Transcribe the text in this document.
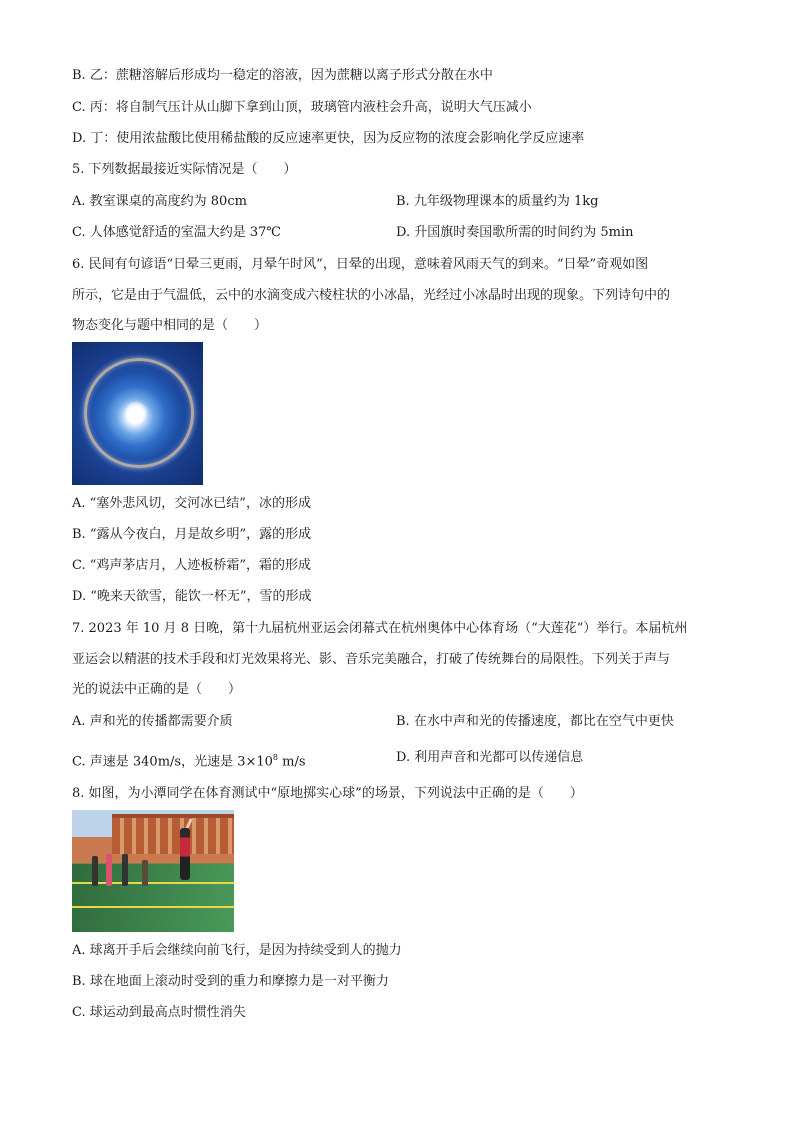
B. 乙：蔗糖溶解后形成均一稳定的溶液，因为蔗糖以离子形式分散在水中
C. 丙：将自制气压计从山脚下拿到山顶，玻璃管内液柱会升高，说明大气压减小
D. 丁：使用浓盐酸比使用稀盐酸的反应速率更快，因为反应物的浓度会影响化学反应速率
5. 下列数据最接近实际情况是（　　）
A. 教室课桌的高度约为 80cm	B. 九年级物理课本的质量约为 1kg
C. 人体感觉舒适的室温大约是 37℃	D. 升国旗时奏国歌所需的时间约为 5min
6. 民间有句谚语“日晕三更雨，月晕午时风”，日晕的出现，意味着风雨天气的到来。“日晕”奇观如图
所示，它是由于气温低，云中的水滴变成六棱柱状的小冰晶，光经过小冰晶时出现的现象。下列诗句中的
物态变化与题中相同的是（　　）
A. “塞外悲风切，交河冰已结”，冰的形成
B. “露从今夜白，月是故乡明”，露的形成
C. “鸡声茅店月，人迹板桥霜”，霜的形成
D. “晚来天欲雪，能饮一杯无”，雪的形成
7. 2023 年 10 月 8 日晚，第十九届杭州亚运会闭幕式在杭州奥体中心体育场（“大莲花”）举行。本届杭州
亚运会以精湛的技术手段和灯光效果将光、影、音乐完美融合，打破了传统舞台的局限性。下列关于声与
光的说法中正确的是（　　）
A. 声和光的传播都需要介质	B. 在水中声和光的传播速度，都比在空气中更快
C. 声速是 340m/s，光速是 $3\times 10^8$ m/s	D. 利用声音和光都可以传递信息
8. 如图，为小潭同学在体育测试中“原地掷实心球”的场景，下列说法中正确的是（　　）
A. 球离开手后会继续向前飞行，是因为持续受到人的抛力
B. 球在地面上滚动时受到的重力和摩擦力是一对平衡力
C. 球运动到最高点时惯性消失
